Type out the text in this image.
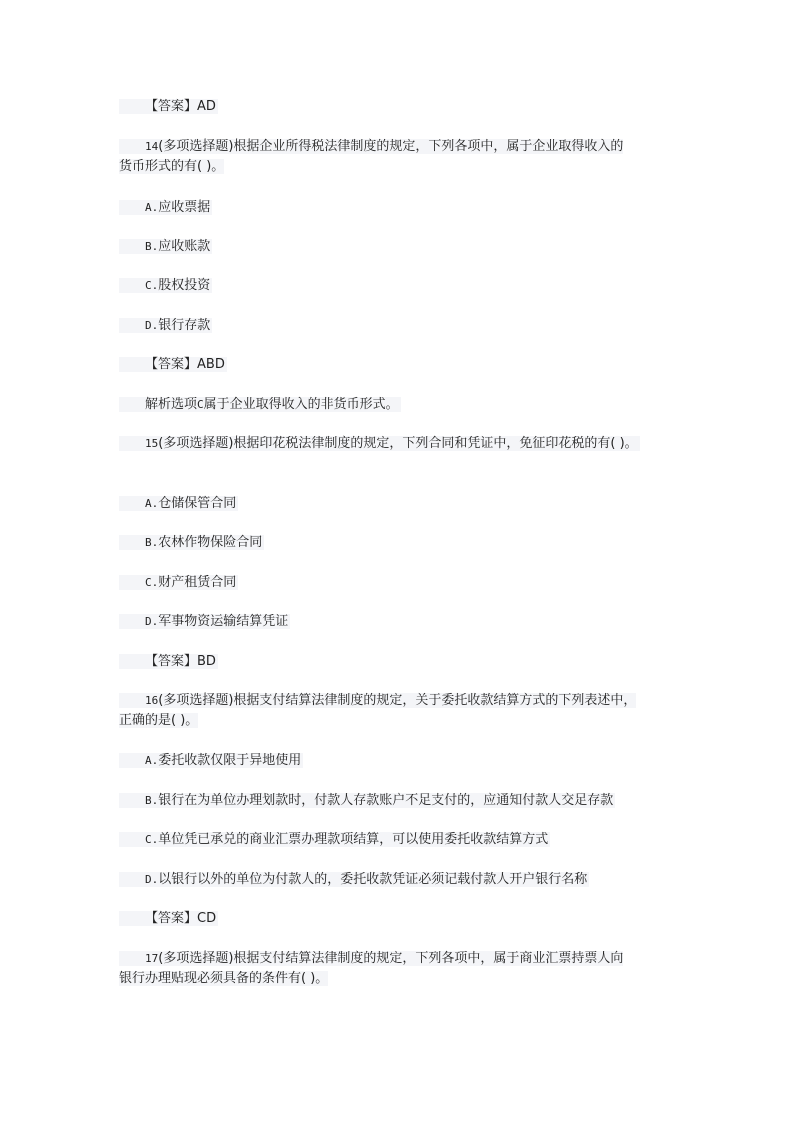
【答案】AD
14(多项选择题)根据企业所得税法律制度的规定，下列各项中，属于企业取得收入的
货币形式的有( )。
A.应收票据
B.应收账款
C.股权投资
D.银行存款
【答案】ABD
解析选项C属于企业取得收入的非货币形式。
15(多项选择题)根据印花税法律制度的规定，下列合同和凭证中，免征印花税的有( )。
A.仓储保管合同
B.农林作物保险合同
C.财产租赁合同
D.军事物资运输结算凭证
【答案】BD
16(多项选择题)根据支付结算法律制度的规定，关于委托收款结算方式的下列表述中，
正确的是( )。
A.委托收款仅限于异地使用
B.银行在为单位办理划款时，付款人存款账户不足支付的，应通知付款人交足存款
C.单位凭已承兑的商业汇票办理款项结算，可以使用委托收款结算方式
D.以银行以外的单位为付款人的，委托收款凭证必须记载付款人开户银行名称
【答案】CD
17(多项选择题)根据支付结算法律制度的规定，下列各项中，属于商业汇票持票人向
银行办理贴现必须具备的条件有( )。
